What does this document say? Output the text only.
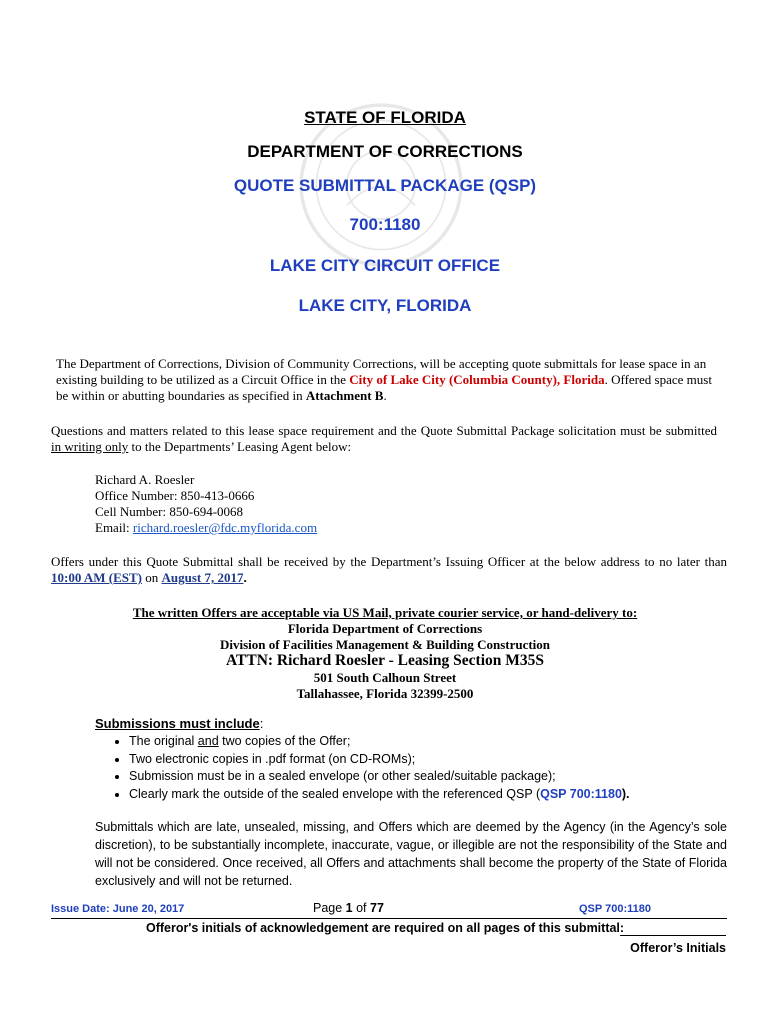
STATE OF FLORIDA
DEPARTMENT OF CORRECTIONS
QUOTE SUBMITTAL PACKAGE (QSP)
700:1180
LAKE CITY CIRCUIT OFFICE
LAKE CITY, FLORIDA
The Department of Corrections, Division of Community Corrections, will be accepting quote submittals for lease space in an existing building to be utilized as a Circuit Office in the City of Lake City (Columbia County), Florida. Offered space must be within or abutting boundaries as specified in Attachment B.
Questions and matters related to this lease space requirement and the Quote Submittal Package solicitation must be submitted in writing only to the Departments’ Leasing Agent below:
Richard A. Roesler
Office Number: 850-413-0666
Cell Number: 850-694-0068
Email: richard.roesler@fdc.myflorida.com
Offers under this Quote Submittal shall be received by the Department’s Issuing Officer at the below address to no later than 10:00 AM (EST) on August 7, 2017.
The written Offers are acceptable via US Mail, private courier service, or hand-delivery to:
Florida Department of Corrections
Division of Facilities Management & Building Construction
ATTN: Richard Roesler - Leasing Section M35S
501 South Calhoun Street
Tallahassee, Florida 32399-2500
Submissions must include:
• The original and two copies of the Offer;
• Two electronic copies in .pdf format (on CD-ROMs);
• Submission must be in a sealed envelope (or other sealed/suitable package);
• Clearly mark the outside of the sealed envelope with the referenced QSP (QSP 700:1180).
Submittals which are late, unsealed, missing, and Offers which are deemed by the Agency (in the Agency’s sole discretion), to be substantially incomplete, inaccurate, vague, or illegible are not the responsibility of the State and will not be considered. Once received, all Offers and attachments shall become the property of the State of Florida exclusively and will not be returned.
Issue Date: June 20, 2017	Page 1 of 77	QSP 700:1180
Offeror's initials of acknowledgement are required on all pages of this submittal:
Offeror’s Initials
